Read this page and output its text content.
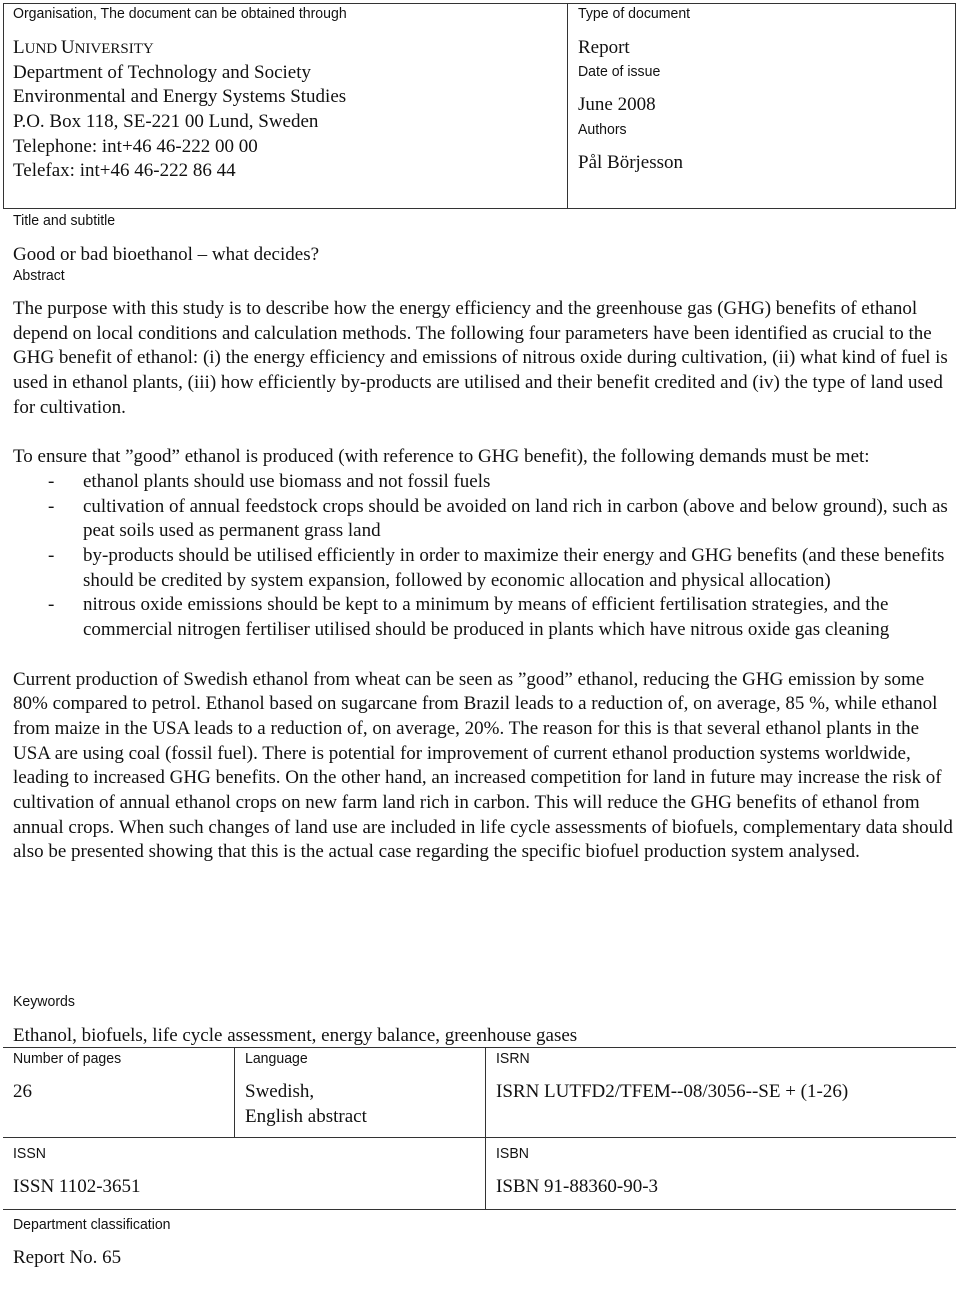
Organisation, The document can be obtained through
LUND UNIVERSITY
Department of Technology and Society
Environmental and Energy Systems Studies
P.O. Box 118, SE-221 00 Lund, Sweden
Telephone: int+46 46-222 00 00
Telefax: int+46 46-222 86 44
Type of document
Report
Date of issue
June 2008
Authors
Pål Börjesson
Title and subtitle
Good or bad bioethanol – what decides?
Abstract

The purpose with this study is to describe how the energy efficiency and the greenhouse gas (GHG) benefits of ethanol depend on local conditions and calculation methods. The following four parameters have been identified as crucial to the GHG benefit of ethanol: (i) the energy efficiency and emissions of nitrous oxide during cultivation, (ii) what kind of fuel is used in ethanol plants, (iii) how efficiently by-products are utilised and their benefit credited and (iv) the type of land used for cultivation.

To ensure that ”good” ethanol is produced (with reference to GHG benefit), the following demands must be met:

- ethanol plants should use biomass and not fossil fuels
- cultivation of annual feedstock crops should be avoided on land rich in carbon (above and below ground), such as peat soils used as permanent grass land
- by-products should be utilised efficiently in order to maximize their energy and GHG benefits (and these benefits should be credited by system expansion, followed by economic allocation and physical allocation)
- nitrous oxide emissions should be kept to a minimum by means of efficient fertilisation strategies, and the commercial nitrogen fertiliser utilised should be produced in plants which have nitrous oxide gas cleaning

Current production of Swedish ethanol from wheat can be seen as ”good” ethanol, reducing the GHG emission by some 80% compared to petrol. Ethanol based on sugarcane from Brazil leads to a reduction of, on average, 85 %, while ethanol from maize in the USA leads to a reduction of, on average, 20%. The reason for this is that several ethanol plants in the USA are using coal (fossil fuel). There is potential for improvement of current ethanol production systems worldwide, leading to increased GHG benefits. On the other hand, an increased competition for land in future may increase the risk of cultivation of annual ethanol crops on new farm land rich in carbon. This will reduce the GHG benefits of ethanol from annual crops. When such changes of land use are included in life cycle assessments of biofuels, complementary data should also be presented showing that this is the actual case regarding the specific biofuel production system analysed.

Keywords
Ethanol, biofuels, life cycle assessment, energy balance, greenhouse gases
Number of pages
26
Language
Swedish,
English abstract
ISRN
ISRN LUTFD2/TFEM--08/3056--SE + (1-26)
ISSN
ISSN 1102-3651
ISBN
ISBN 91-88360-90-3
Department classification
Report No. 65
